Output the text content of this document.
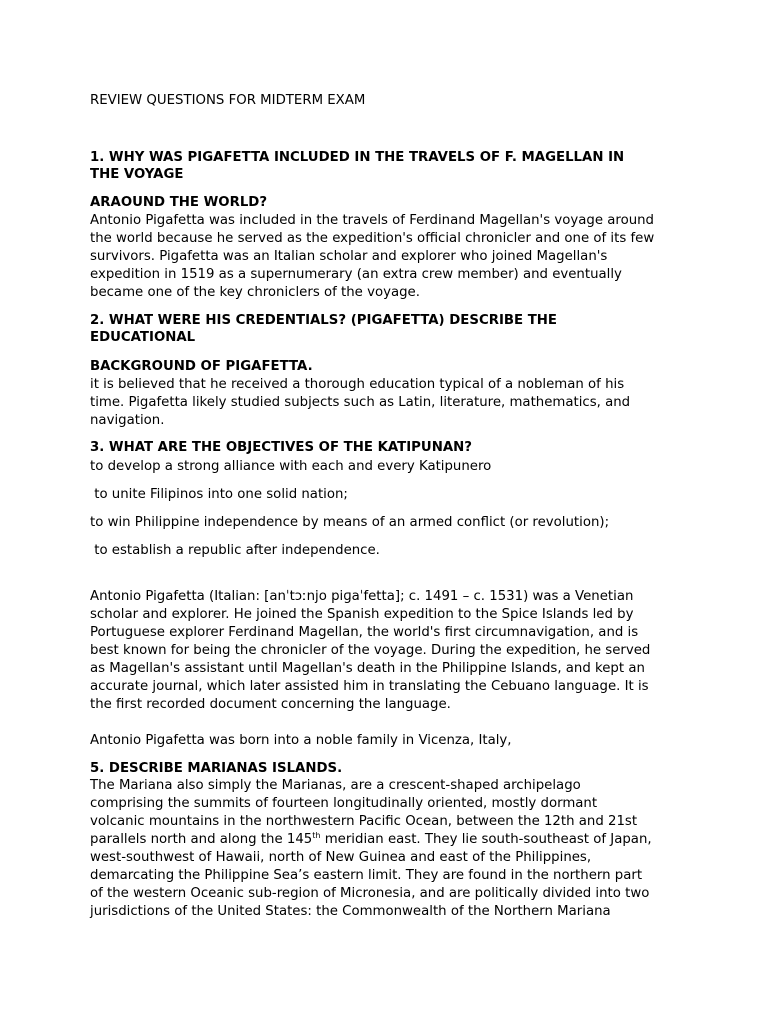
REVIEW QUESTIONS FOR MIDTERM EXAM
1. WHY WAS PIGAFETTA INCLUDED IN THE TRAVELS OF F. MAGELLAN IN
THE VOYAGE
ARAOUND THE WORLD?
Antonio Pigafetta was included in the travels of Ferdinand Magellan's voyage around
the world because he served as the expedition's official chronicler and one of its few
survivors. Pigafetta was an Italian scholar and explorer who joined Magellan's
expedition in 1519 as a supernumerary (an extra crew member) and eventually
became one of the key chroniclers of the voyage.
2. WHAT WERE HIS CREDENTIALS? (PIGAFETTA) DESCRIBE THE
EDUCATIONAL
BACKGROUND OF PIGAFETTA.
it is believed that he received a thorough education typical of a nobleman of his
time. Pigafetta likely studied subjects such as Latin, literature, mathematics, and
navigation.
3. WHAT ARE THE OBJECTIVES OF THE KATIPUNAN?
to develop a strong alliance with each and every Katipunero
to unite Filipinos into one solid nation;
to win Philippine independence by means of an armed conflict (or revolution);
to establish a republic after independence.
Antonio Pigafetta (Italian: [anˈtɔːnjo piɡaˈfetta]; c. 1491 – c. 1531) was a Venetian
scholar and explorer. He joined the Spanish expedition to the Spice Islands led by
Portuguese explorer Ferdinand Magellan, the world's first circumnavigation, and is
best known for being the chronicler of the voyage. During the expedition, he served
as Magellan's assistant until Magellan's death in the Philippine Islands, and kept an
accurate journal, which later assisted him in translating the Cebuano language. It is
the first recorded document concerning the language.
Antonio Pigafetta was born into a noble family in Vicenza, Italy,
5. DESCRIBE MARIANAS ISLANDS.
The Mariana also simply the Marianas, are a crescent-shaped archipelago
comprising the summits of fourteen longitudinally oriented, mostly dormant
volcanic mountains in the northwestern Pacific Ocean, between the 12th and 21st
parallels north and along the 145th meridian east. They lie south-southeast of Japan,
west-southwest of Hawaii, north of New Guinea and east of the Philippines,
demarcating the Philippine Sea’s eastern limit. They are found in the northern part
of the western Oceanic sub-region of Micronesia, and are politically divided into two
jurisdictions of the United States: the Commonwealth of the Northern Mariana
